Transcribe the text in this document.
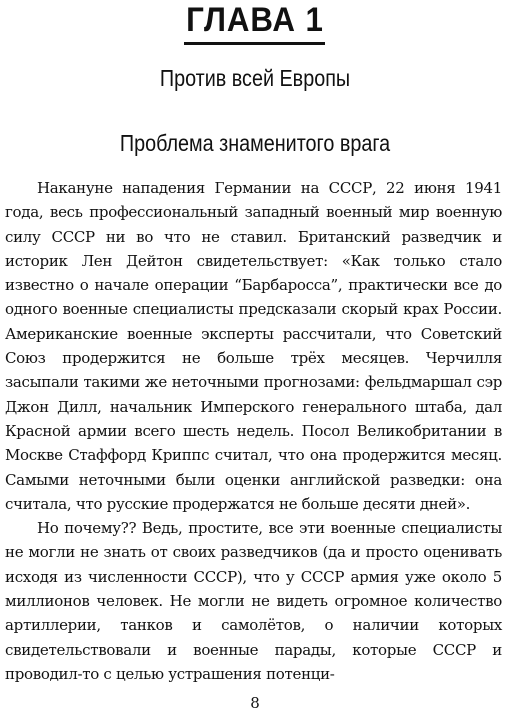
ГЛАВА 1
Против всей Европы
Проблема знаменитого врага

Накануне нападения Германии на СССР, 22 июня 1941 года, весь профессиональный западный военный мир военную силу СССР ни во что не ставил. Британский разведчик и историк Лен Дейтон свидетельствует: «Как только стало известно о начале операции “Барбаросса”, практически все до одного военные специалисты предсказали скорый крах России. Американские военные эксперты рассчитали, что Советский Союз продержится не больше трёх месяцев. Черчилля засыпали такими же неточными прогнозами: фельдмаршал сэр Джон Дилл, начальник Имперского генерального штаба, дал Красной армии всего шесть недель. Посол Великобритании в Москве Стаффорд Криппс считал, что она продержится месяц. Самыми неточными были оценки английской разведки: она считала, что русские продержатся не больше десяти дней».

Но почему?? Ведь, простите, все эти военные специалисты не могли не знать от своих разведчиков (да и просто оценивать исходя из численности СССР), что у СССР армия уже около 5 миллионов человек. Не могли не видеть огромное количество артиллерии, танков и самолётов, о наличии которых свидетельствовали и военные парады, которые СССР и проводил-то с целью устрашения потенци-

8
